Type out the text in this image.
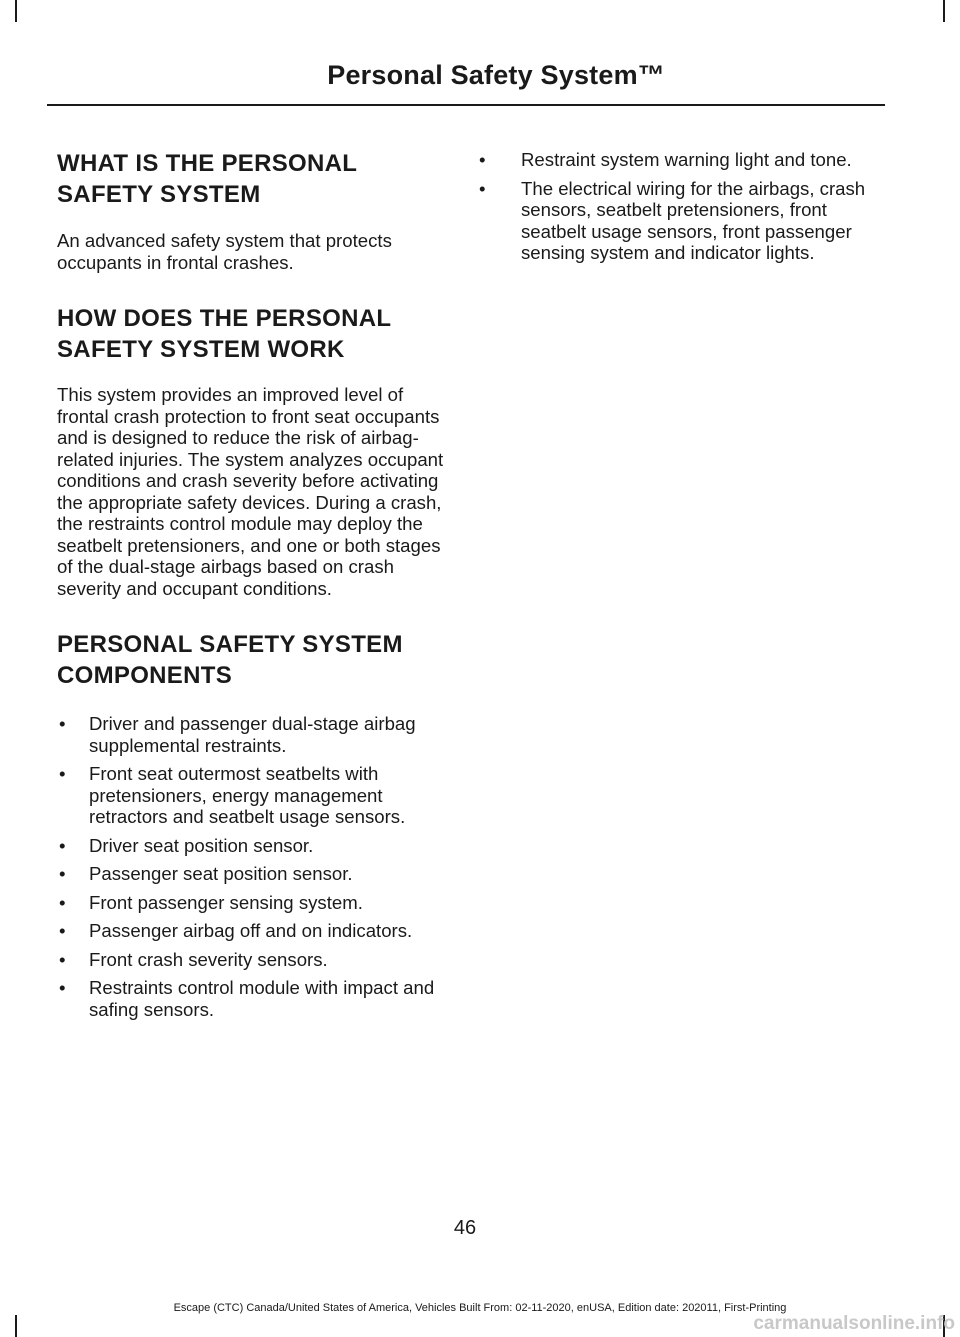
Personal Safety System™
WHAT IS THE PERSONAL
SAFETY SYSTEM

An advanced safety system that protects occupants in frontal crashes.

HOW DOES THE PERSONAL
SAFETY SYSTEM WORK

This system provides an improved level of frontal crash protection to front seat occupants and is designed to reduce the risk of airbag-related injuries. The system analyzes occupant conditions and crash severity before activating the appropriate safety devices. During a crash, the restraints control module may deploy the seatbelt pretensioners, and one or both stages of the dual-stage airbags based on crash severity and occupant conditions.

PERSONAL SAFETY SYSTEM
COMPONENTS
• Driver and passenger dual-stage airbag supplemental restraints.
• Front seat outermost seatbelts with pretensioners, energy management retractors and seatbelt usage sensors.
• Driver seat position sensor.
• Passenger seat position sensor.
• Front passenger sensing system.
• Passenger airbag off and on indicators.
• Front crash severity sensors.
• Restraints control module with impact and safing sensors.
• Restraint system warning light and tone.
• The electrical wiring for the airbags, crash sensors, seatbelt pretensioners, front seatbelt usage sensors, front passenger sensing system and indicator lights.
46
Escape (CTC) Canada/United States of America, Vehicles Built From: 02-11-2020, enUSA, Edition date: 202011, First-Printing
carmanualsonline.info
